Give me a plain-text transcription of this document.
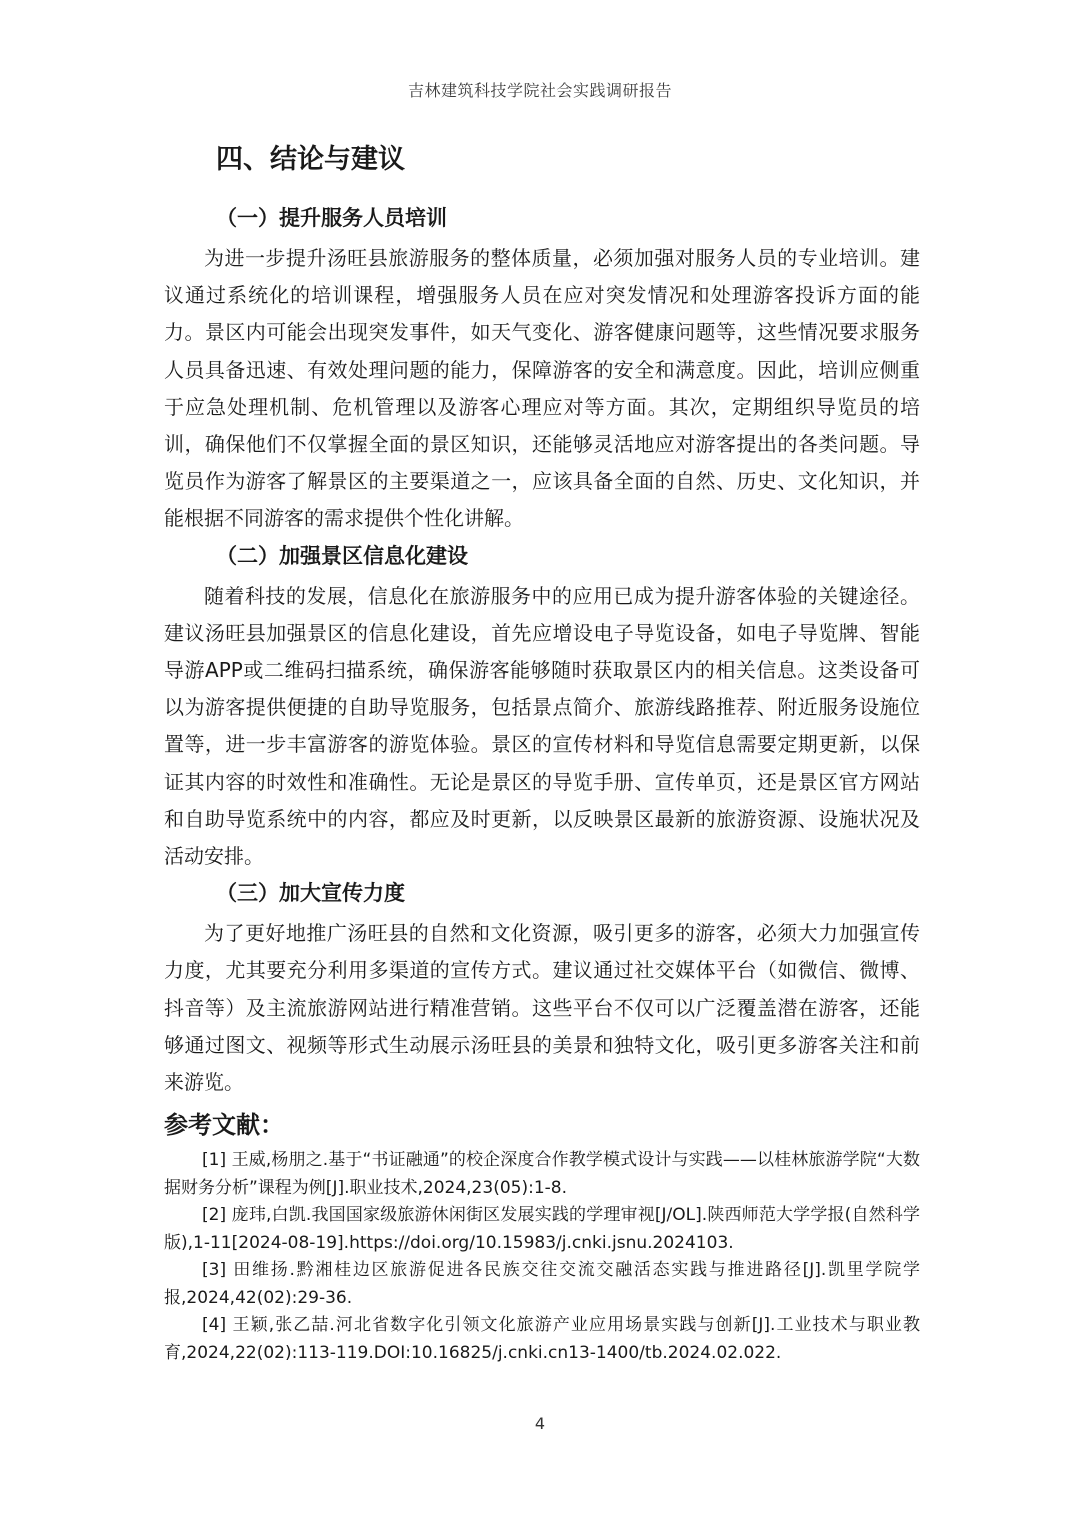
吉林建筑科技学院社会实践调研报告
四、结论与建议
（一）提升服务人员培训

为进一步提升汤旺县旅游服务的整体质量，必须加强对服务人员的专业培训。建议通过系统化的培训课程，增强服务人员在应对突发情况和处理游客投诉方面的能力。景区内可能会出现突发事件，如天气变化、游客健康问题等，这些情况要求服务人员具备迅速、有效处理问题的能力，保障游客的安全和满意度。因此，培训应侧重于应急处理机制、危机管理以及游客心理应对等方面。其次，定期组织导览员的培训，确保他们不仅掌握全面的景区知识，还能够灵活地应对游客提出的各类问题。导览员作为游客了解景区的主要渠道之一，应该具备全面的自然、历史、文化知识，并能根据不同游客的需求提供个性化讲解。

（二）加强景区信息化建设

随着科技的发展，信息化在旅游服务中的应用已成为提升游客体验的关键途径。建议汤旺县加强景区的信息化建设，首先应增设电子导览设备，如电子导览牌、智能导游APP或二维码扫描系统，确保游客能够随时获取景区内的相关信息。这类设备可以为游客提供便捷的自助导览服务，包括景点简介、旅游线路推荐、附近服务设施位置等，进一步丰富游客的游览体验。景区的宣传材料和导览信息需要定期更新，以保证其内容的时效性和准确性。无论是景区的导览手册、宣传单页，还是景区官方网站和自助导览系统中的内容，都应及时更新，以反映景区最新的旅游资源、设施状况及活动安排。

（三）加大宣传力度

为了更好地推广汤旺县的自然和文化资源，吸引更多的游客，必须大力加强宣传力度，尤其要充分利用多渠道的宣传方式。建议通过社交媒体平台（如微信、微博、抖音等）及主流旅游网站进行精准营销。这些平台不仅可以广泛覆盖潜在游客，还能够通过图文、视频等形式生动展示汤旺县的美景和独特文化，吸引更多游客关注和前来游览。

参考文献：

[1] 王威,杨朋之.基于“书证融通”的校企深度合作教学模式设计与实践——以桂林旅游学院“大数据财务分析”课程为例[J].职业技术,2024,23(05):1-8.

[2] 庞玮,白凯.我国国家级旅游休闲街区发展实践的学理审视[J/OL].陕西师范大学学报(自然科学版),1-11[2024-08-19].https://doi.org/10.15983/j.cnki.jsnu.2024103.

[3] 田维扬.黔湘桂边区旅游促进各民族交往交流交融活态实践与推进路径[J].凯里学院学报,2024,42(02):29-36.

[4] 王颖,张乙喆.河北省数字化引领文化旅游产业应用场景实践与创新[J].工业技术与职业教育,2024,22(02):113-119.DOI:10.16825/j.cnki.cn13-1400/tb.2024.02.022.

4
